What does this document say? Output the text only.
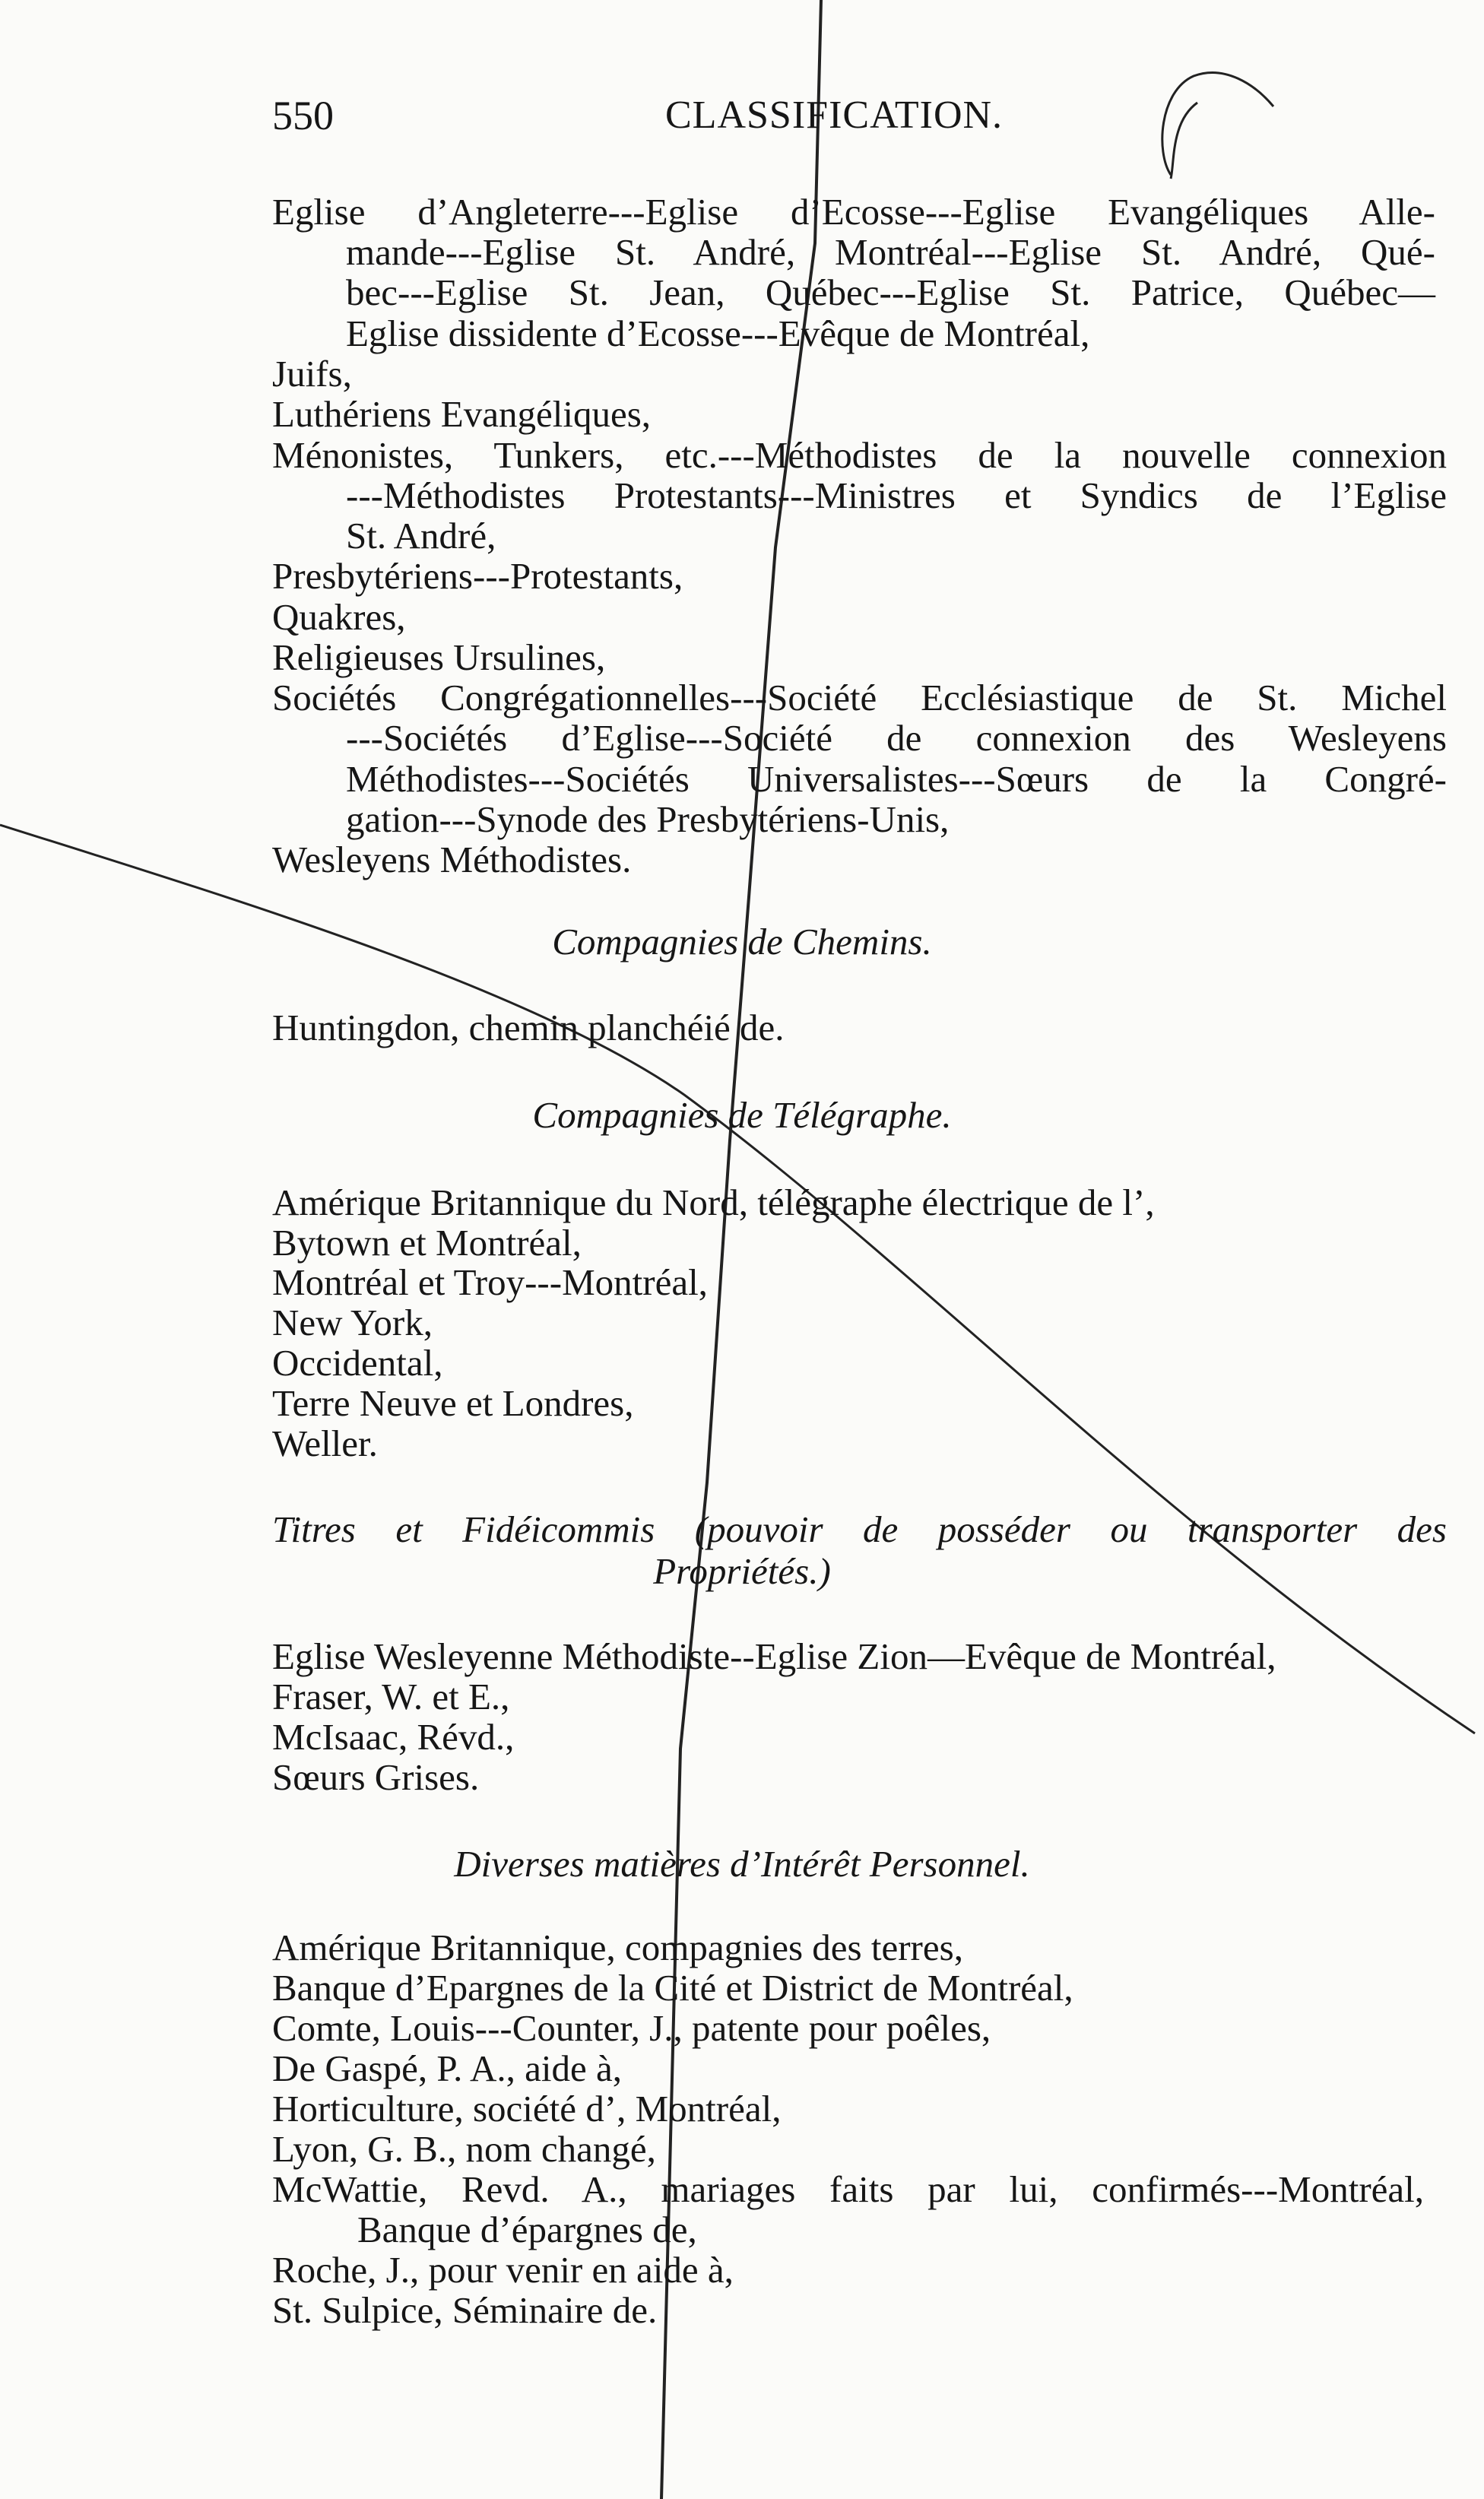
550	CLASSIFICATION.
Eglise d’Angleterre---Eglise d’Ecosse---Eglise Evangéliques Alle-
mande---Eglise St. André, Montréal---Eglise St. André, Qué-
bec---Eglise St. Jean, Québec---Eglise St. Patrice, Québec—
Eglise dissidente d’Ecosse---Evêque de Montréal,
Juifs,
Luthériens Evangéliques,
Ménonistes, Tunkers, etc.---Méthodistes de la nouvelle connexion
---Méthodistes Protestants---Ministres et Syndics de l’Eglise
St. André,
Presbytériens---Protestants,
Quakres,
Religieuses Ursulines,
Sociétés Congrégationnelles---Société Ecclésiastique de St. Michel
---Sociétés d’Eglise---Société de connexion des Wesleyens
Méthodistes---Sociétés Universalistes---Sœurs de la Congré-
gation---Synode des Presbytériens-Unis,
Wesleyens Méthodistes.
Compagnies de Chemins.
Huntingdon, chemin planchéié de.
Compagnies de Télégraphe.
Amérique Britannique du Nord, télégraphe électrique de l’,
Bytown et Montréal,
Montréal et Troy---Montréal,
New York,
Occidental,
Terre Neuve et Londres,
Weller.
Titres et Fidéicommis (pouvoir de posséder ou transporter des
Propriétés.)
Eglise Wesleyenne Méthodiste--Eglise Zion—Evêque de Montréal,
Fraser, W. et E.,
McIsaac, Révd.,
Sœurs Grises.
Diverses matières d’Intérêt Personnel.
Amérique Britannique, compagnies des terres,
Banque d’Epargnes de la Cité et District de Montréal,
Comte, Louis---Counter, J., patente pour poêles,
De Gaspé, P. A., aide à,
Horticulture, société d’, Montréal,
Lyon, G. B., nom changé,
McWattie, Revd. A., mariages faits par lui, confirmés---Montréal,
Banque d’épargnes de,
Roche, J., pour venir en aide à,
St. Sulpice, Séminaire de.
